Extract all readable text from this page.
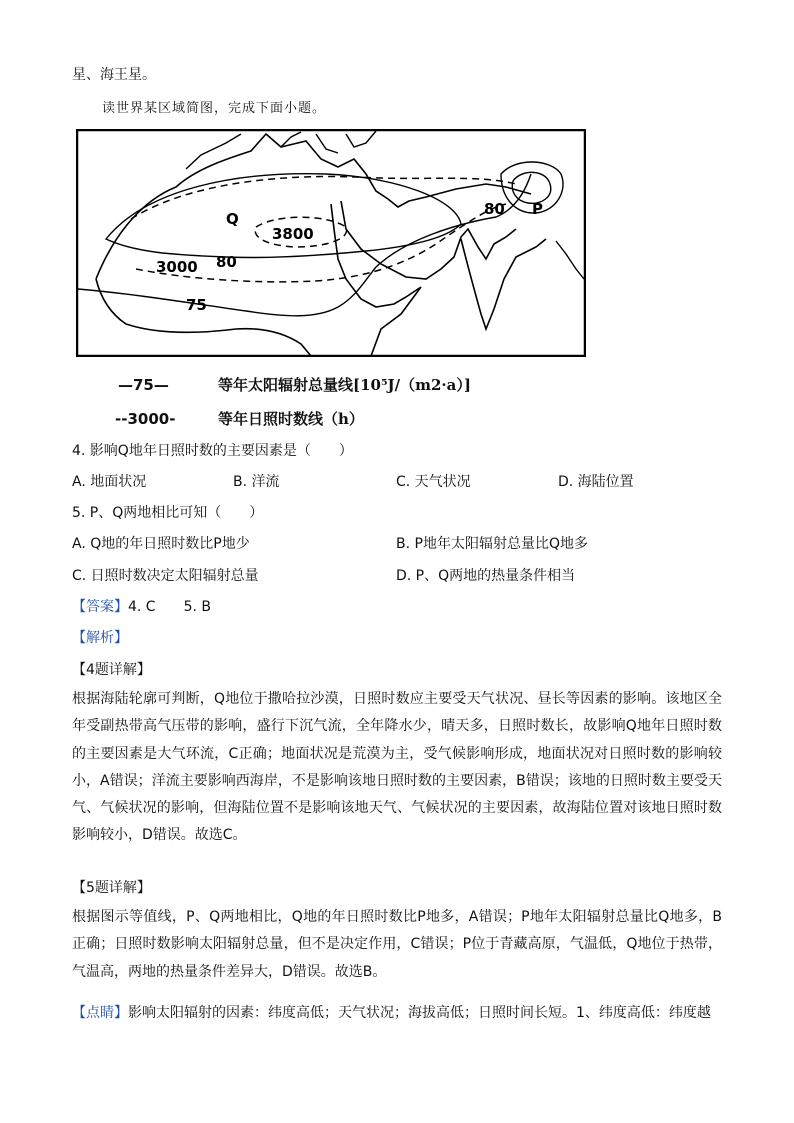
星、海王星。
读世界某区域简图，完成下面小题。
Q
3800
3000 80
80 P
75
—75—	等年太阳辐射总量线[10⁵J/（m2·a）]
--3000-	等年日照时数线（h）
4. 影响Q地年日照时数的主要因素是（　　）
A. 地面状况	B. 洋流	C. 天气状况	D. 海陆位置
5. P、Q两地相比可知（　　）
A. Q地的年日照时数比P地少	B. P地年太阳辐射总量比Q地多
C. 日照时数决定太阳辐射总量	D. P、Q两地的热量条件相当
【答案】4. C　　5. B
【解析】
【4题详解】
根据海陆轮廓可判断，Q地位于撒哈拉沙漠，日照时数应主要受天气状况、昼长等因素的影响。该地区全年受副热带高气压带的影响，盛行下沉气流，全年降水少，晴天多，日照时数长，故影响Q地年日照时数的主要因素是大气环流，C正确；地面状况是荒漠为主，受气候影响形成，地面状况对日照时数的影响较小，A错误；洋流主要影响西海岸，不是影响该地日照时数的主要因素，B错误；该地的日照时数主要受天气、气候状况的影响，但海陆位置不是影响该地天气、气候状况的主要因素，故海陆位置对该地日照时数影响较小，D错误。故选C。
【5题详解】
根据图示等值线，P、Q两地相比，Q地的年日照时数比P地多，A错误；P地年太阳辐射总量比Q地多，B正确；日照时数影响太阳辐射总量，但不是决定作用，C错误；P位于青藏高原，气温低，Q地位于热带，气温高，两地的热量条件差异大，D错误。故选B。
【点睛】影响太阳辐射的因素：纬度高低；天气状况；海拔高低；日照时间长短。1、纬度高低：纬度越
